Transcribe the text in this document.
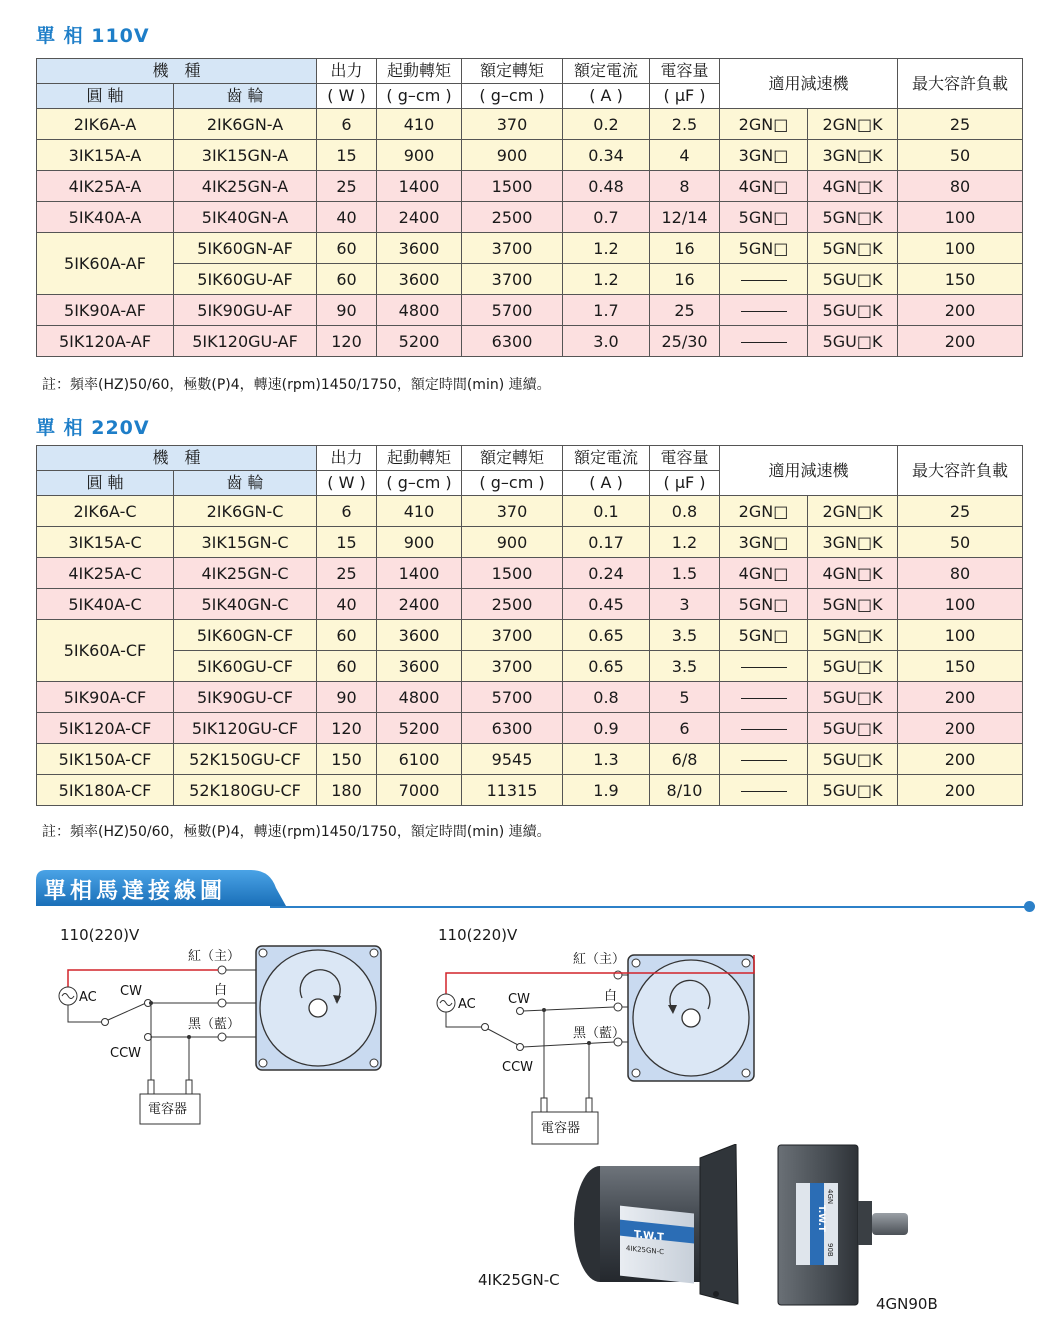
單 相 110V
機　種		出力	起動轉矩	額定轉矩	額定電流	電容量	適用減速機		最大容許負載
圓 軸	齒 輪	( W )	( g–cm )	( g–cm )	( A )	( μF )			
2IK6A-A	2IK6GN-A	6	410	370	0.2	2.5	2GN□	2GN□K	25
3IK15A-A	3IK15GN-A	15	900	900	0.34	4	3GN□	3GN□K	50
4IK25A-A	4IK25GN-A	25	1400	1500	0.48	8	4GN□	4GN□K	80
5IK40A-A	5IK40GN-A	40	2400	2500	0.7	12/14	5GN□	5GN□K	100
5IK60A-AF	5IK60GN-AF	60	3600	3700	1.2	16	5GN□	5GN□K	100
	5IK60GU-AF	60	3600	3700	1.2	16		5GU□K	150
5IK90A-AF	5IK90GU-AF	90	4800	5700	1.7	25		5GU□K	200
5IK120A-AF	5IK120GU-AF	120	5200	6300	3.0	25/30		5GU□K	200
註：頻率(HZ)50/60，極數(P)4，轉速(rpm)1450/1750，額定時間(min) 連續。
單 相 220V
機　種		出力	起動轉矩	額定轉矩	額定電流	電容量	適用減速機		最大容許負載
圓 軸	齒 輪	( W )	( g–cm )	( g–cm )	( A )	( μF )			
2IK6A-C	2IK6GN-C	6	410	370	0.1	0.8	2GN□	2GN□K	25
3IK15A-C	3IK15GN-C	15	900	900	0.17	1.2	3GN□	3GN□K	50
4IK25A-C	4IK25GN-C	25	1400	1500	0.24	1.5	4GN□	4GN□K	80
5IK40A-C	5IK40GN-C	40	2400	2500	0.45	3	5GN□	5GN□K	100
5IK60A-CF	5IK60GN-CF	60	3600	3700	0.65	3.5	5GN□	5GN□K	100
	5IK60GU-CF	60	3600	3700	0.65	3.5		5GU□K	150
5IK90A-CF	5IK90GU-CF	90	4800	5700	0.8	5		5GU□K	200
5IK120A-CF	5IK120GU-CF	120	5200	6300	0.9	6		5GU□K	200
5IK150A-CF	52K150GU-CF	150	6100	9545	1.3	6/8		5GU□K	200
5IK180A-CF	52K180GU-CF	180	7000	11315	1.9	8/10		5GU□K	200
註：頻率(HZ)50/60，極數(P)4，轉速(rpm)1450/1750，額定時間(min) 連續。
單相馬達接線圖
110(220)V
電容器
紅（主）
白
黑（藍）
AC CW
CCW
110(220)V
電容器
紅（主）
白
黑（藍）
AC CW
CCW
T.W.T
4IK25GN-C
4IK25GN-C
T.W.T
4GN
90B
4GN90B
